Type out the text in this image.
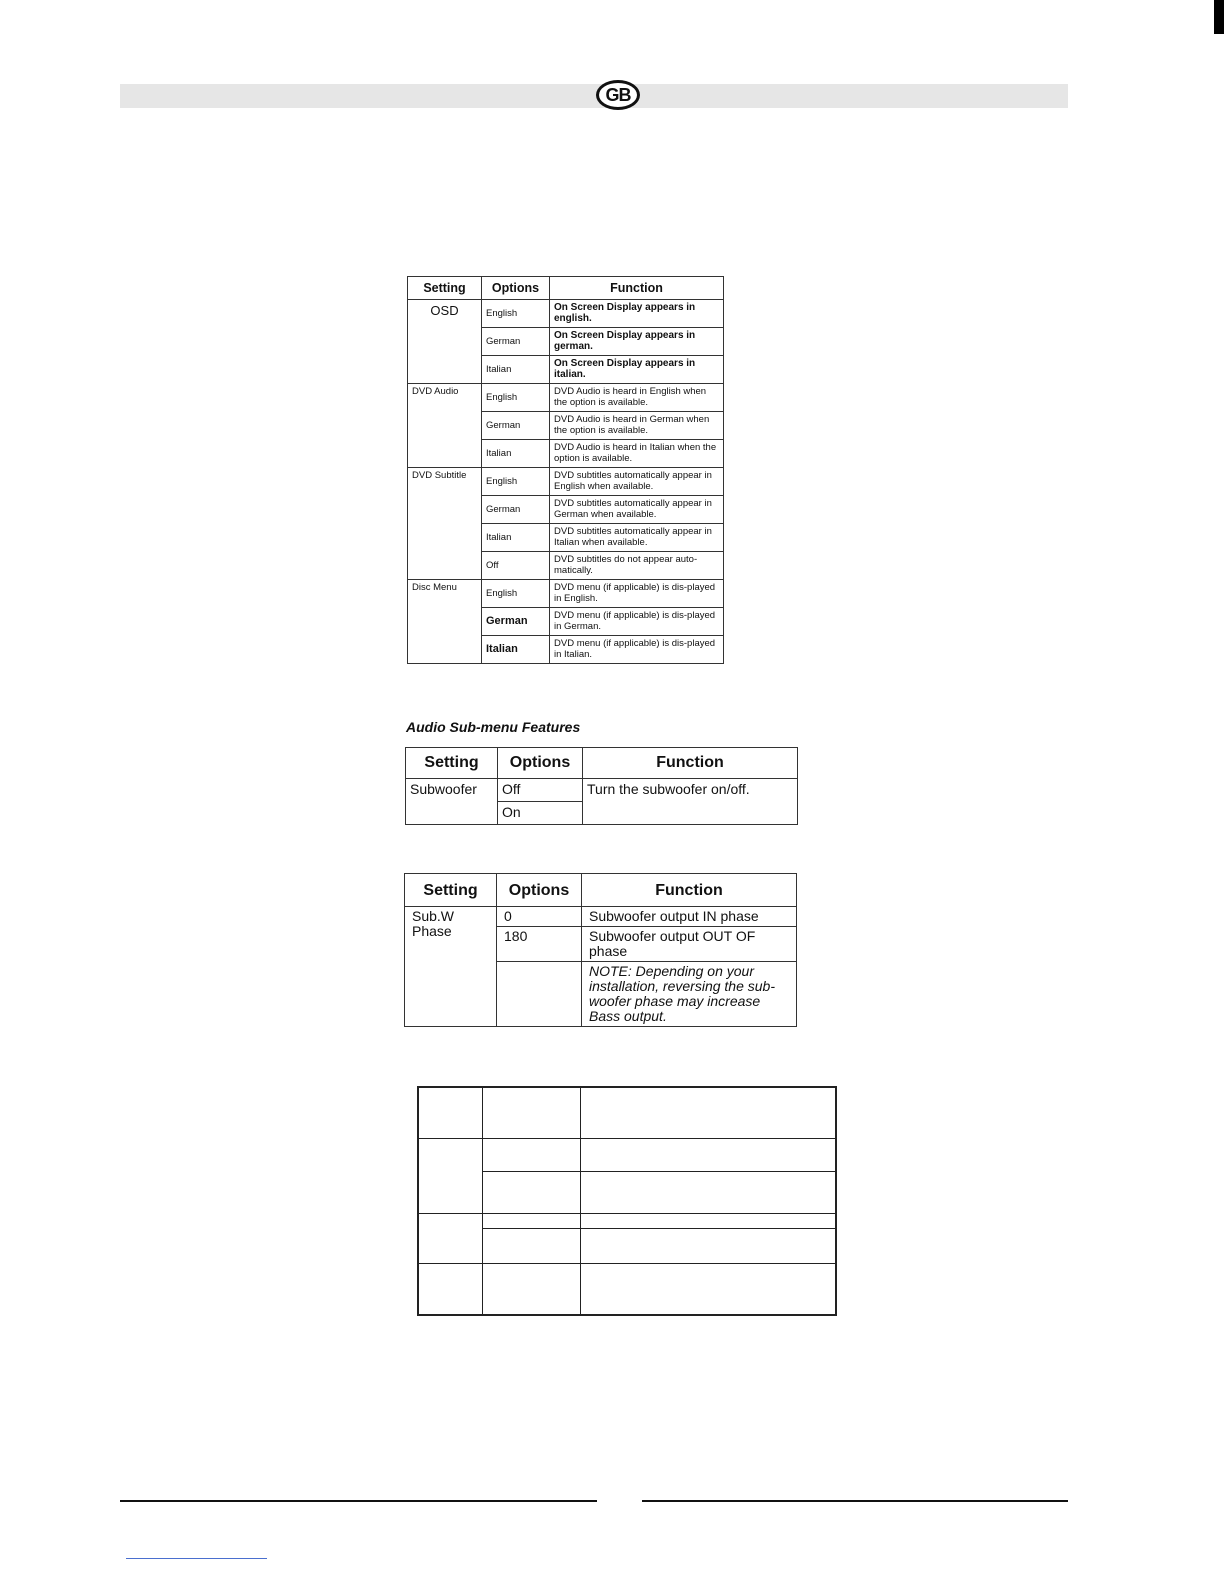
GB
Setting	Options	Function
OSD	English	On Screen Display appears in english.
	German	On Screen Display appears in german.
	Italian	On Screen Display appears in italian.
DVD Audio	English	DVD Audio is heard in English when the option is available.
	German	DVD Audio is heard in German when the option is available.
	Italian	DVD Audio is heard in Italian when the option is available.
DVD Subtitle	English	DVD subtitles automatically appear in English when available.
	German	DVD subtitles automatically appear in German when available.
	Italian	DVD subtitles automatically appear in Italian when available.
	Off	DVD subtitles do not appear auto-matically.
Disc Menu	English	DVD menu (if applicable) is dis-played in English.
	German	DVD menu (if applicable) is dis-played in German.
	Italian	DVD menu (if applicable) is dis-played in Italian.
Audio Sub-menu Features
Setting	Options	Function
Subwoofer	Off	Turn the subwoofer on/off.
	On	
Setting	Options	Function
Sub.W Phase	0	Subwoofer output IN phase
	180	Subwoofer output OUT OF phase
		NOTE: Depending on your installation, reversing the sub-woofer phase may increase Bass output.
